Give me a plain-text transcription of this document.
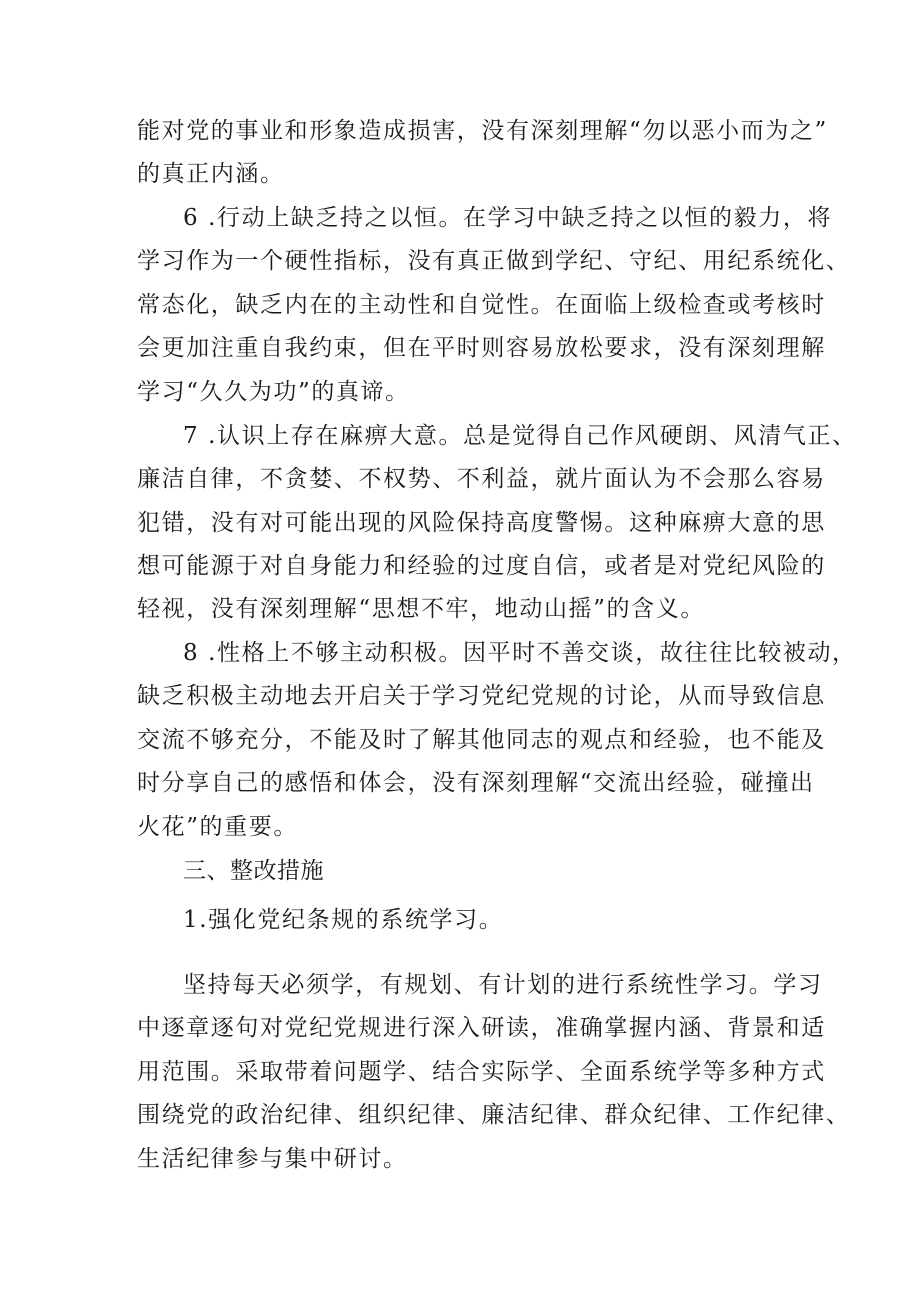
能对党的事业和形象造成损害，没有深刻理解“勿以恶小而为之”
的真正内涵。
6 .行动上缺乏持之以恒。在学习中缺乏持之以恒的毅力，将
学习作为一个硬性指标，没有真正做到学纪、守纪、用纪系统化、
常态化，缺乏内在的主动性和自觉性。在面临上级检查或考核时
会更加注重自我约束，但在平时则容易放松要求，没有深刻理解
学习“久久为功”的真谛。
7 .认识上存在麻痹大意。总是觉得自己作风硬朗、风清气正、
廉洁自律，不贪婪、不权势、不利益，就片面认为不会那么容易
犯错，没有对可能出现的风险保持高度警惕。这种麻痹大意的思
想可能源于对自身能力和经验的过度自信，或者是对党纪风险的
轻视，没有深刻理解“思想不牢，地动山摇”的含义。
8 .性格上不够主动积极。因平时不善交谈，故往往比较被动，
缺乏积极主动地去开启关于学习党纪党规的讨论，从而导致信息
交流不够充分，不能及时了解其他同志的观点和经验，也不能及
时分享自己的感悟和体会，没有深刻理解“交流出经验，碰撞出
火花”的重要。
三、整改措施
1.强化党纪条规的系统学习。
坚持每天必须学，有规划、有计划的进行系统性学习。学习
中逐章逐句对党纪党规进行深入研读，准确掌握内涵、背景和适
用范围。采取带着问题学、结合实际学、全面系统学等多种方式
围绕党的政治纪律、组织纪律、廉洁纪律、群众纪律、工作纪律、
生活纪律参与集中研讨。
